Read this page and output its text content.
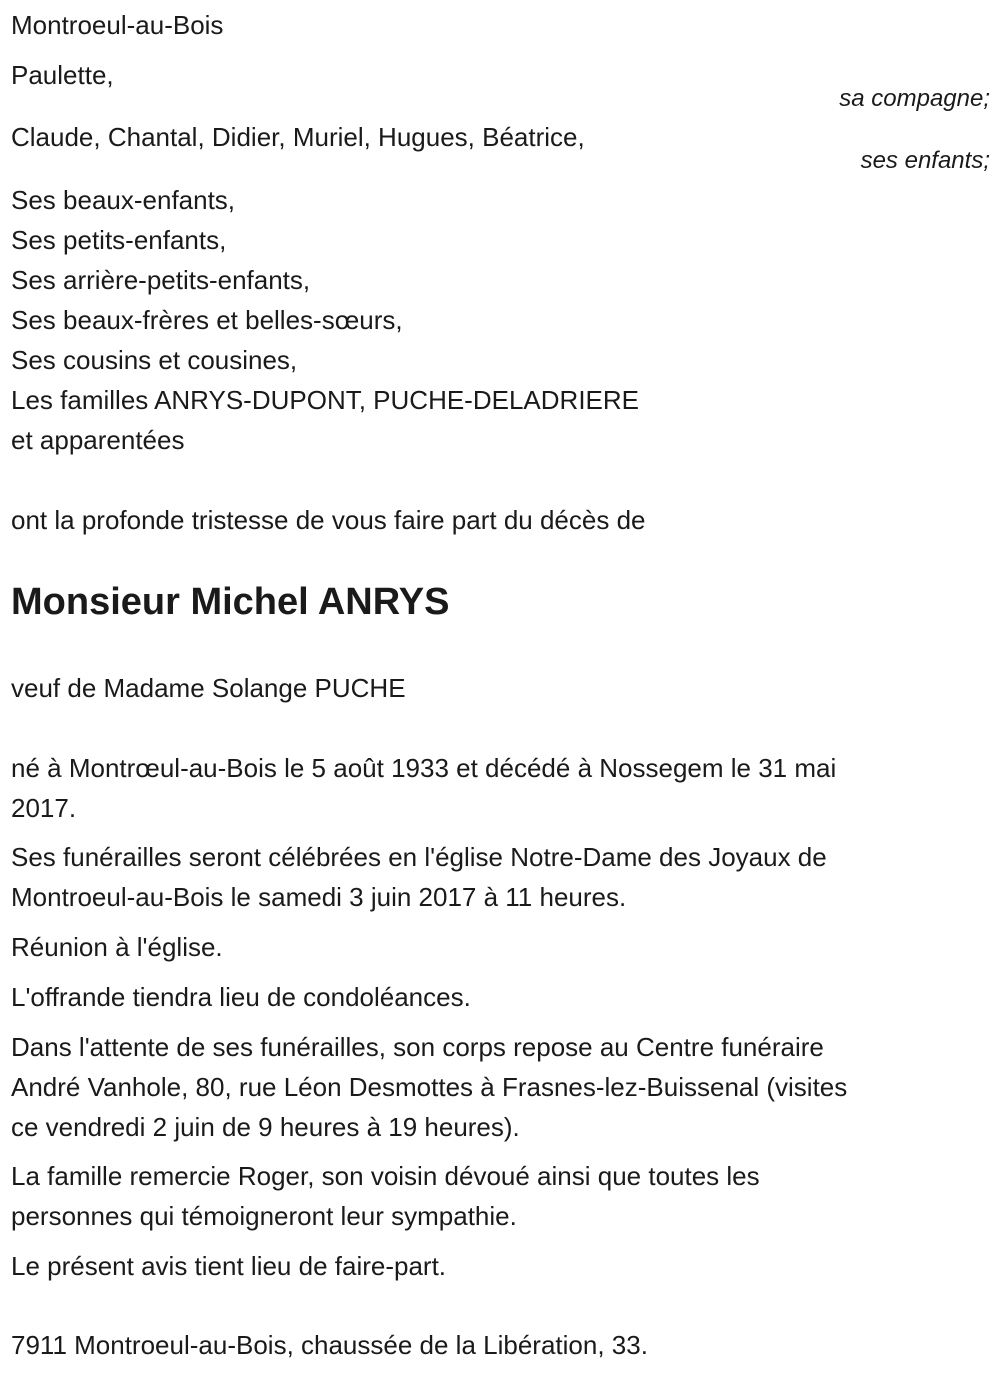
Montroeul-au-Bois
Paulette,
sa compagne;
Claude, Chantal, Didier, Muriel, Hugues, Béatrice,
ses enfants;
Ses beaux-enfants,
Ses petits-enfants,
Ses arrière-petits-enfants,
Ses beaux-frères et belles-sœurs,
Ses cousins et cousines,
Les familles ANRYS-DUPONT, PUCHE-DELADRIERE
et apparentées
ont la profonde tristesse de vous faire part du décès de
Monsieur Michel ANRYS
veuf de Madame Solange PUCHE
né à Montrœul-au-Bois le 5 août 1933 et décédé à Nossegem le 31 mai
2017.
Ses funérailles seront célébrées en l'église Notre-Dame des Joyaux de
Montroeul-au-Bois le samedi 3 juin 2017 à 11 heures.
Réunion à l'église.
L'offrande tiendra lieu de condoléances.
Dans l'attente de ses funérailles, son corps repose au Centre funéraire
André Vanhole, 80, rue Léon Desmottes à Frasnes-lez-Buissenal (visites
ce vendredi 2 juin de 9 heures à 19 heures).
La famille remercie Roger, son voisin dévoué ainsi que toutes les
personnes qui témoigneront leur sympathie.
Le présent avis tient lieu de faire-part.
7911 Montroeul-au-Bois, chaussée de la Libération, 33.
